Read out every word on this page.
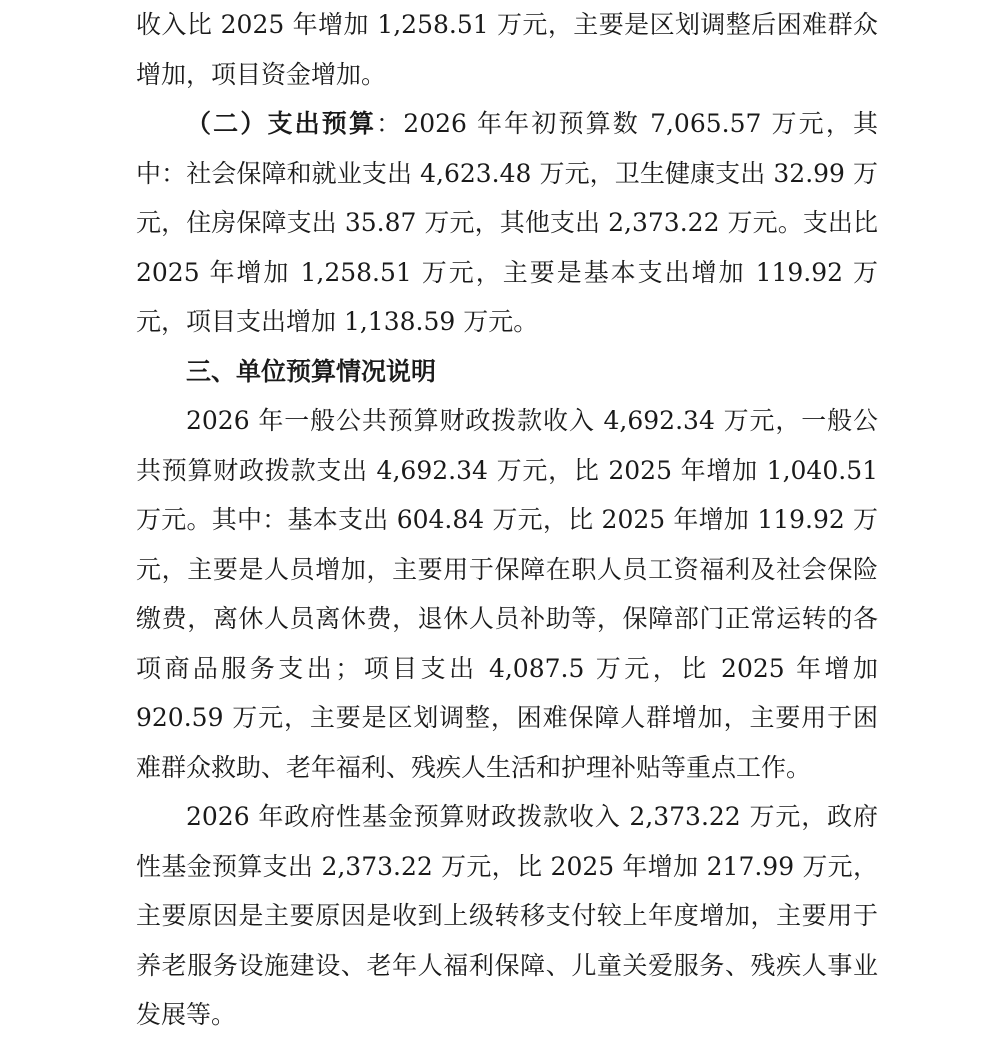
收入比 2025 年增加 1,258.51 万元，主要是区划调整后困难群众增加，项目资金增加。

（二）支出预算：2026 年年初预算数 7,065.57 万元，其中：社会保障和就业支出 4,623.48 万元，卫生健康支出 32.99 万元，住房保障支出 35.87 万元，其他支出 2,373.22 万元。支出比 2025 年增加 1,258.51 万元，主要是基本支出增加 119.92 万元，项目支出增加 1,138.59 万元。

三、单位预算情况说明

2026 年一般公共预算财政拨款收入 4,692.34 万元，一般公共预算财政拨款支出 4,692.34 万元，比 2025 年增加 1,040.51 万元。其中：基本支出 604.84 万元，比 2025 年增加 119.92 万元，主要是人员增加，主要用于保障在职人员工资福利及社会保险缴费，离休人员离休费，退休人员补助等，保障部门正常运转的各项商品服务支出；项目支出 4,087.5 万元，比 2025 年增加 920.59 万元，主要是区划调整，困难保障人群增加，主要用于困难群众救助、老年福利、残疾人生活和护理补贴等重点工作。

2026 年政府性基金预算财政拨款收入 2,373.22 万元，政府性基金预算支出 2,373.22 万元，比 2025 年增加 217.99 万元，主要原因是主要原因是收到上级转移支付较上年度增加，主要用于养老服务设施建设、老年人福利保障、儿童关爱服务、残疾人事业发展等。
